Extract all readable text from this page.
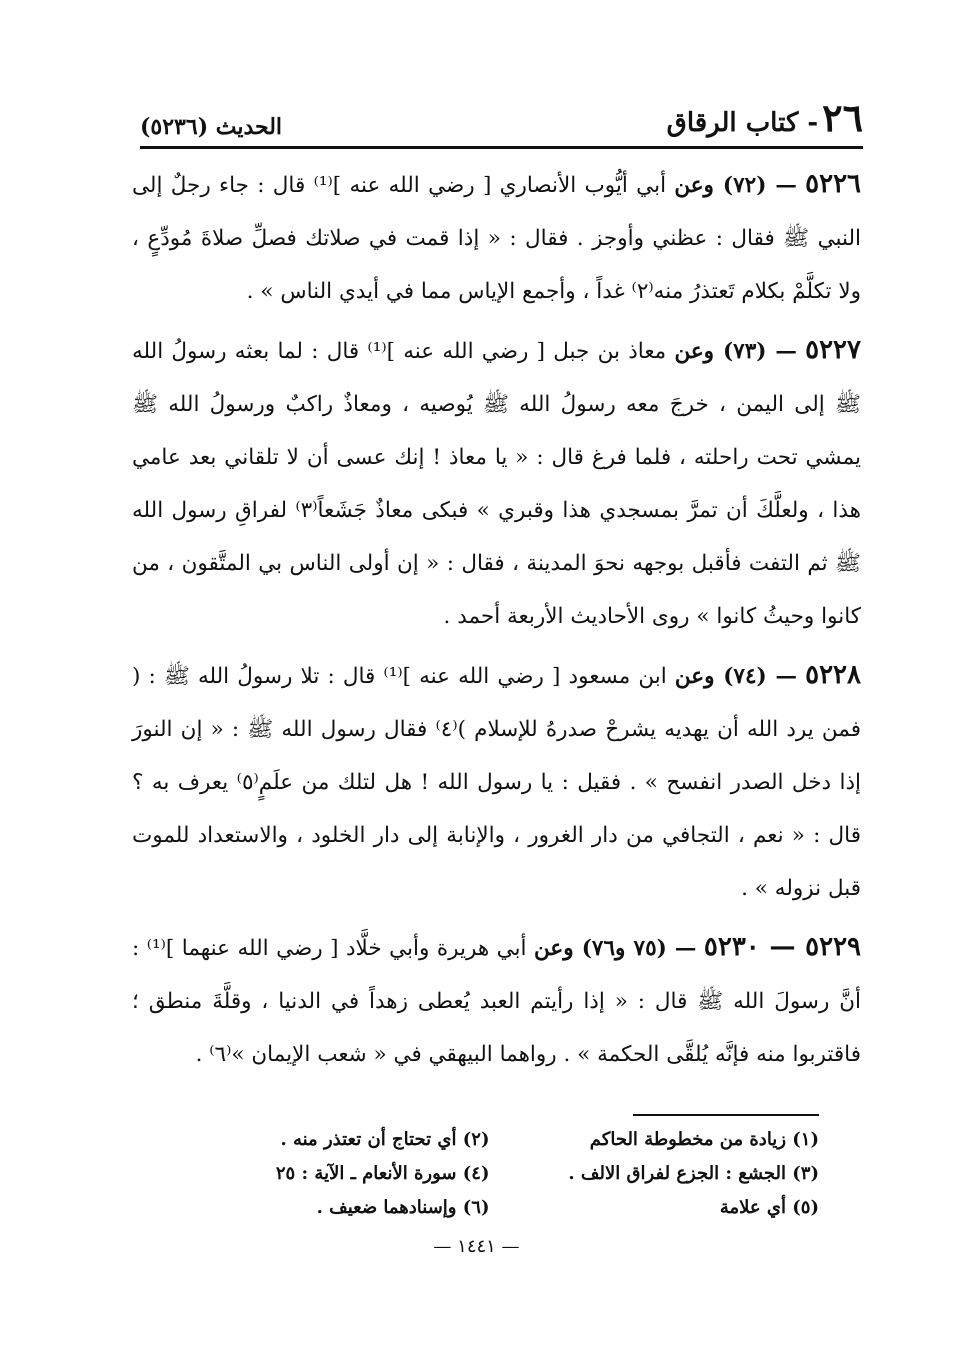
٢٦- كتاب الرقاق
الحديث (٥٢٣٦)

٥٢٢٦ — (٧٢) وعن أبي أيُّوب الأنصاري [ رضي الله عنه ]⁽¹⁾ قال : جاء رجلٌ إلى النبي ﷺ فقال : عظني وأوجز . فقال : « إذا قمت في صلاتك فصلِّ صلاةَ مُودِّعٍ ، ولا تكلَّمْ بكلام تَعتذرُ منه⁽٢⁾ غداً ، وأجمع الإياس مما في أيدي الناس » .

٥٢٢٧ — (٧٣) وعن معاذ بن جبل [ رضي الله عنه ]⁽¹⁾ قال : لما بعثه رسولُ الله ﷺ إلى اليمن ، خرجَ معه رسولُ الله ﷺ يُوصيه ، ومعاذٌ راكبٌ ورسولُ الله ﷺ يمشي تحت راحلته ، فلما فرغ قال : « يا معاذ ! إنك عسى أن لا تلقاني بعد عامي هذا ، ولعلَّكَ أن تمرَّ بمسجدي هذا وقبري » فبكى معاذٌ جَشَعاً⁽٣⁾ لفراقِ رسول الله ﷺ ثم التفت فأقبل بوجهه نحوَ المدينة ، فقال : « إن أولى الناس بي المتَّقون ، من كانوا وحيثُ كانوا » روى الأحاديث الأربعة أحمد .

٥٢٢٨ — (٧٤) وعن ابن مسعود [ رضي الله عنه ]⁽¹⁾ قال : تلا رسولُ الله ﷺ : ( فمن يرد الله أن يهديه يشرحْ صدرهُ للإسلام )⁽٤⁾ فقال رسول الله ﷺ : « إن النورَ إذا دخل الصدر انفسح » . فقيل : يا رسول الله ! هل لتلك من علَمٍ⁽٥⁾ يعرف به ؟ قال : « نعم ، التجافي من دار الغرور ، والإنابة إلى دار الخلود ، والاستعداد للموت قبل نزوله » .

٥٢٢٩ — ٥٢٣٠ — (٧٥ و٧٦) وعن أبي هريرة وأبي خلَّاد [ رضي الله عنهما ]⁽¹⁾ : أنَّ رسولَ الله ﷺ قال : « إذا رأيتم العبد يُعطى زهداً في الدنيا ، وقلَّةَ منطق ؛ فاقتربوا منه فإنَّه يُلقَّى الحكمة » . رواهما البيهقي في « شعب الإيمان »⁽٦⁾ .

(١) زيادة من مخطوطة الحاكم
(٢) أي تحتاج أن تعتذر منه .
(٣) الجشع : الجزع لفراق الالف .
(٤) سورة الأنعام ـ الآية : ٢٥
(٥) أي علامة
(٦) وإسنادهما ضعيف .
— ١٤٤١ —
